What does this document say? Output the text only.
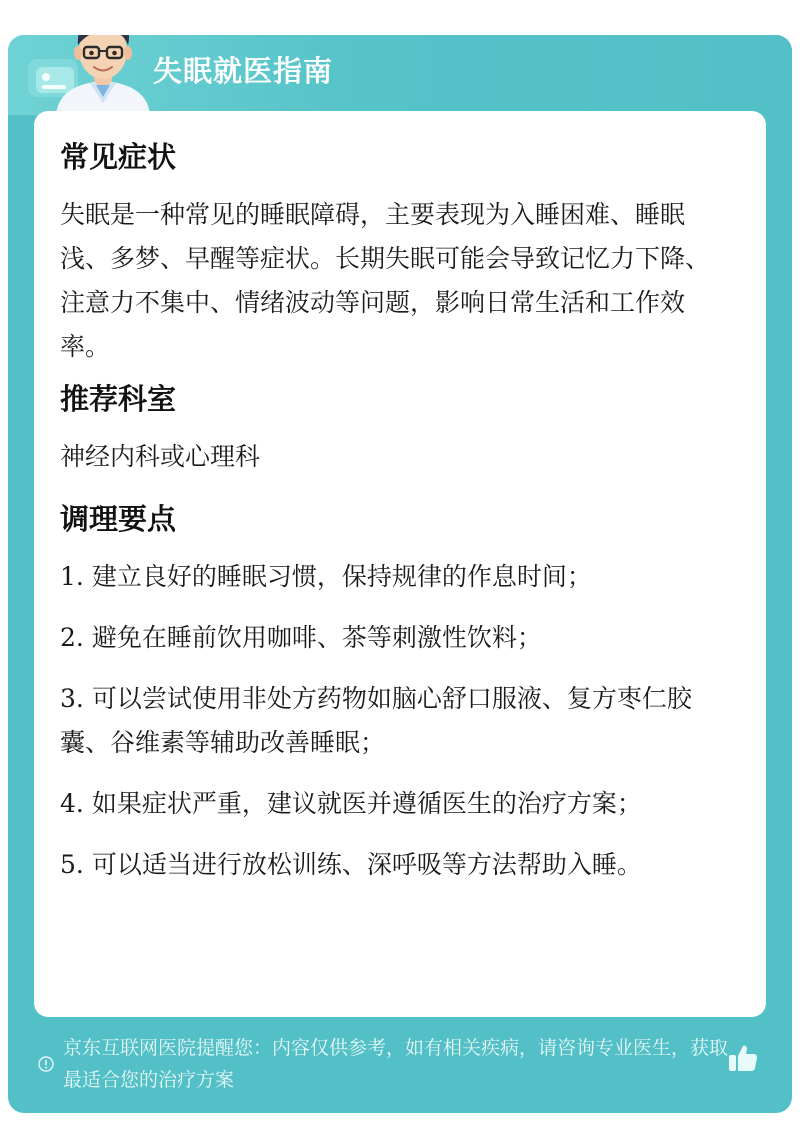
失眠就医指南
常见症状

失眠是一种常见的睡眠障碍，主要表现为入睡困难、睡眠浅、多梦、早醒等症状。长期失眠可能会导致记忆力下降、注意力不集中、情绪波动等问题，影响日常生活和工作效率。

推荐科室

神经内科或心理科

调理要点
1. 建立良好的睡眠习惯，保持规律的作息时间；
2. 避免在睡前饮用咖啡、茶等刺激性饮料；
3. 可以尝试使用非处方药物如脑心舒口服液、复方枣仁胶囊、谷维素等辅助改善睡眠；
4. 如果症状严重，建议就医并遵循医生的治疗方案；
5. 可以适当进行放松训练、深呼吸等方法帮助入睡。
京东互联网医院提醒您：内容仅供参考，如有相关疾病，请咨询专业医生，获取最适合您的治疗方案
